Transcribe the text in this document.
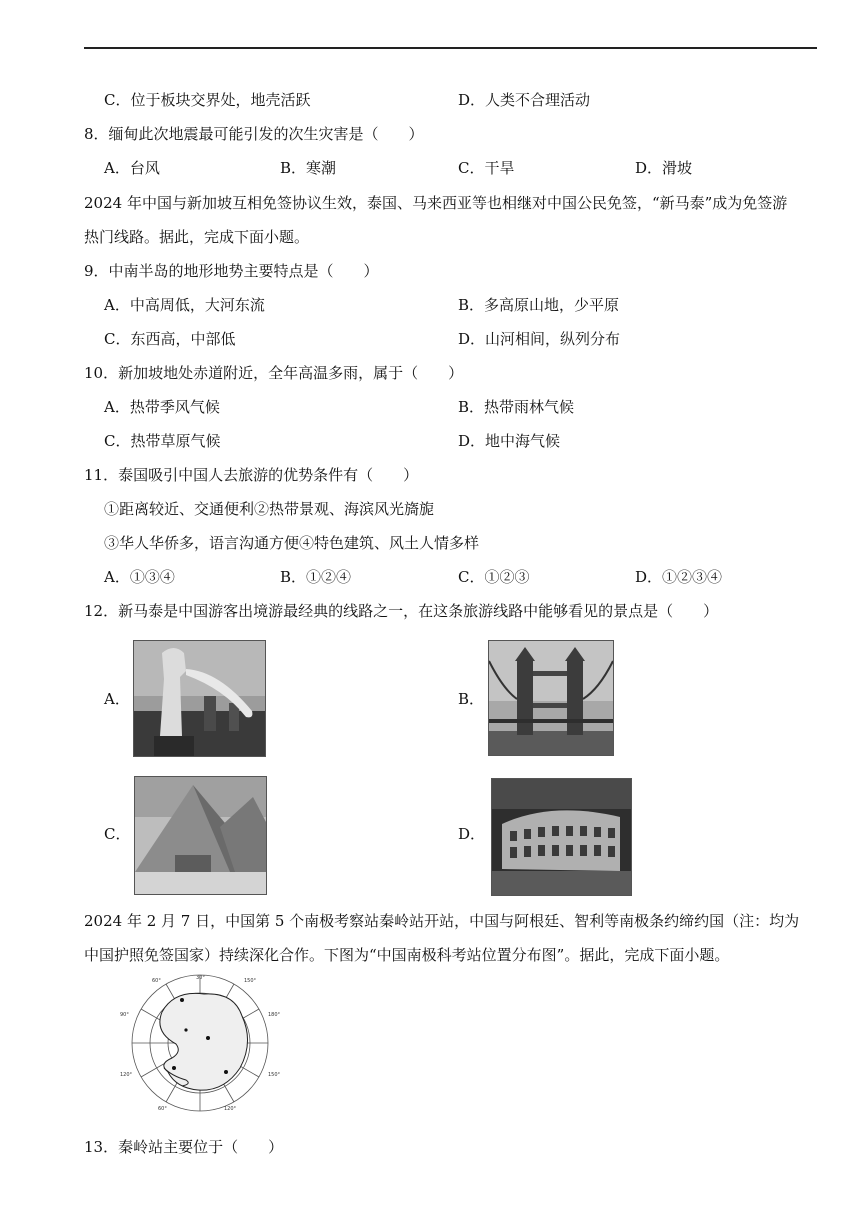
C．位于板块交界处，地壳活跃	D．人类不合理活动
8．缅甸此次地震最可能引发的次生灾害是（　　）
A．台风	B．寒潮	C．干旱	D．滑坡
2024 年中国与新加坡互相免签协议生效，泰国、马来西亚等也相继对中国公民免签，“新马泰”成为免签游
热门线路。据此，完成下面小题。
9．中南半岛的地形地势主要特点是（　　）
A．中高周低，大河东流	B．多高原山地，少平原
C．东西高，中部低	D．山河相间，纵列分布
10．新加坡地处赤道附近，全年高温多雨，属于（　　）
A．热带季风气候	B．热带雨林气候
C．热带草原气候	D．地中海气候
11．泰国吸引中国人去旅游的优势条件有（　　）
①距离较近、交通便利②热带景观、海滨风光旖旎
③华人华侨多，语言沟通方便④特色建筑、风土人情多样
A．①③④	B．①②④	C．①②③	D．①②③④
12．新马泰是中国游客出境游最经典的线路之一，在这条旅游线路中能够看见的景点是（　　）
A．	B．
C．	D．
2024 年 2 月 7 日，中国第 5 个南极考察站秦岭站开站，中国与阿根廷、智利等南极条约缔约国（注：均为
中国护照免签国家）持续深化合作。下图为“中国南极科考站位置分布图”。据此，完成下面小题。
60°	30°	150°
90°	180°
120°	150°
60°	120°
13．秦岭站主要位于（　　）
